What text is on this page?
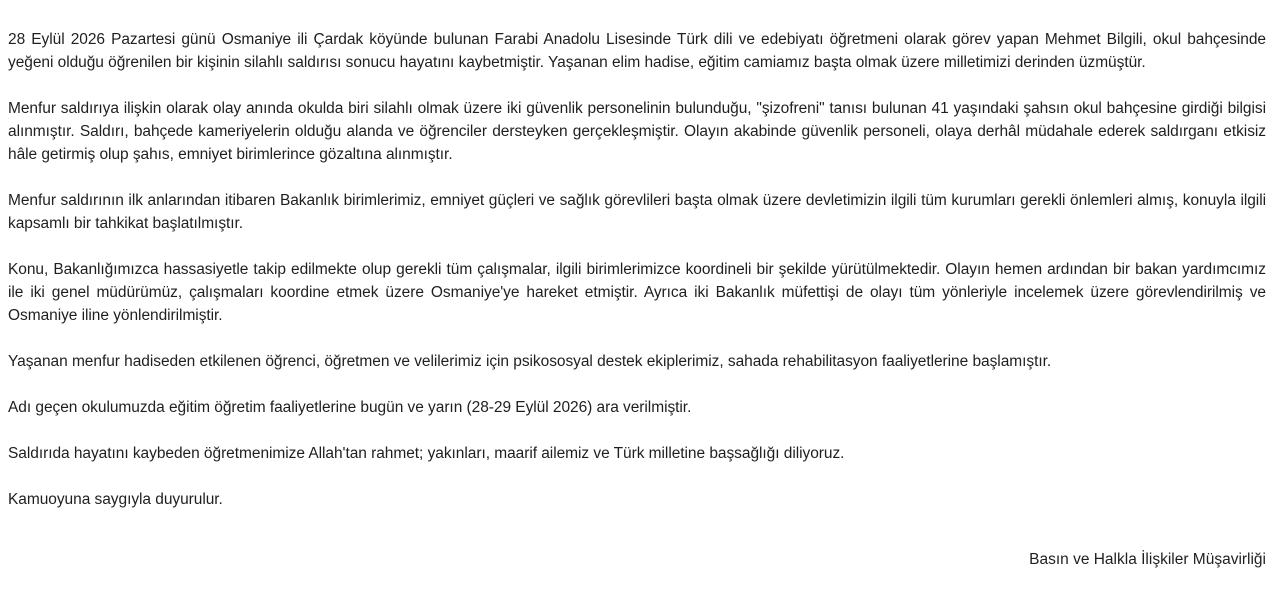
28 Eylül 2026 Pazartesi günü Osmaniye ili Çardak köyünde bulunan Farabi Anadolu Lisesinde Türk dili ve edebiyatı öğretmeni olarak görev yapan Mehmet Bilgili, okul bahçesinde yeğeni olduğu öğrenilen bir kişinin silahlı saldırısı sonucu hayatını kaybetmiştir. Yaşanan elim hadise, eğitim camiamız başta olmak üzere milletimizi derinden üzmüştür.

Menfur saldırıya ilişkin olarak olay anında okulda biri silahlı olmak üzere iki güvenlik personelinin bulunduğu, "şizofreni" tanısı bulunan 41 yaşındaki şahsın okul bahçesine girdiği bilgisi alınmıştır. Saldırı, bahçede kameriyelerin olduğu alanda ve öğrenciler dersteyken gerçekleşmiştir. Olayın akabinde güvenlik personeli, olaya derhâl müdahale ederek saldırganı etkisiz hâle getirmiş olup şahıs, emniyet birimlerince gözaltına alınmıştır.

Menfur saldırının ilk anlarından itibaren Bakanlık birimlerimiz, emniyet güçleri ve sağlık görevlileri başta olmak üzere devletimizin ilgili tüm kurumları gerekli önlemleri almış, konuyla ilgili kapsamlı bir tahkikat başlatılmıştır.

Konu, Bakanlığımızca hassasiyetle takip edilmekte olup gerekli tüm çalışmalar, ilgili birimlerimizce koordineli bir şekilde yürütülmektedir. Olayın hemen ardından bir bakan yardımcımız ile iki genel müdürümüz, çalışmaları koordine etmek üzere Osmaniye'ye hareket etmiştir. Ayrıca iki Bakanlık müfettişi de olayı tüm yönleriyle incelemek üzere görevlendirilmiş ve Osmaniye iline yönlendirilmiştir.

Yaşanan menfur hadiseden etkilenen öğrenci, öğretmen ve velilerimiz için psikososyal destek ekiplerimiz, sahada rehabilitasyon faaliyetlerine başlamıştır.

Adı geçen okulumuzda eğitim öğretim faaliyetlerine bugün ve yarın (28-29 Eylül 2026) ara verilmiştir.

Saldırıda hayatını kaybeden öğretmenimize Allah'tan rahmet; yakınları, maarif ailemiz ve Türk milletine başsağlığı diliyoruz.

Kamuoyuna saygıyla duyurulur.

Basın ve Halkla İlişkiler Müşavirliği
